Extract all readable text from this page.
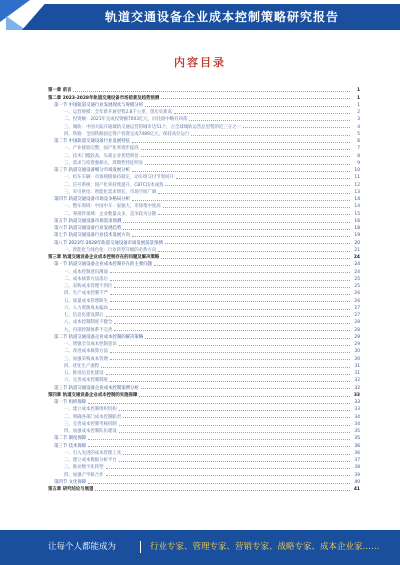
轨道交通设备企业成本控制策略研究报告
内容目录
第一章 前言	1
第二章 2023-2028年轨道交通设备市场前景及趋势预测	1
第一节 中国轨道交通行业发展现状与规模分析	1
一、运营规模：全年新开通里程2.8千公里，创历史新高	2
二、投资额：2021年完成投资额7003亿元，同比稳中略有回落	3
三、城轨：中国大陆开通城轨交通运营的城市达51个，占全球城轨运营总里程的近三分之一	4
四、铁路：全国铁路固定资产投资完成7489亿元，保持高位运行	5
第二节 中国轨道交通设备行业发展特征	6
一、产业链较完整，国产化率逐步提高	7
二、技术门槛较高，头部企业优势明显	8
三、需求与投资强相关，周期性特征明显	9
第三节 轨道交通设备细分市场发展分析	10
一、机车车辆：市场规模保持稳定，动车组交付节奏回升	11
二、信号系统：国产化率持续提升，CBTC技术成熟	12
三、牵引供电：智能化需求增长，市场空间广阔	13
第四节 轨道交通设备市场竞争格局分析	14
一、整车领域：中国中车一家独大，市场集中度高	14
二、零部件领域：企业数量众多，竞争较为分散	15
第五节 轨道交通设备市场需求预测	16
第六节 轨道交通设备行业发展趋势	18
第七节 轨道交通设备行业技术发展方向	19
第八节 2023年-2028年轨道交通设备市场发展前景预测	20
一、智能化与绿色化：行业转型升级的必然方向	21
第三章 轨道交通设备企业成本控制存在的问题及解决策略	24
第一节 轨道交通设备企业成本控制存在的主要问题	24
一、成本控制意识薄弱	24
二、成本核算方法落后	25
三、采购成本管理不到位	25
四、生产成本控制不严	26
五、质量成本管理缺失	26
六、人力资源成本偏高	27
七、信息化建设滞后	27
八、成本控制制度不健全	28
九、内部控制体系不完善	28
第二节 轨道交通设备企业成本控制的解决策略	29
一、增强全员成本控制意识	29
二、改进成本核算方法	30
三、加强采购成本管理	30
四、优化生产流程	31
五、推进信息化建设	31
六、完善成本控制制度	32
第三节 轨道交通设备企业成本控制案例分析	32
第四章 轨道交通设备企业成本控制的实施保障	33
第一节 组织保障	33
一、建立成本控制组织机构	33
二、明确各部门成本控制职责	34
三、完善成本控制考核机制	34
四、加强成本控制队伍建设	35
第二节 制度保障	35
第三节 技术保障	36
一、引入先进的成本管理工具	36
二、建立成本数据分析平台	37
三、推动数字化转型	38
四、加强产学研合作	39
第四节 文化保障	40
第五章 研究结论与展望	41
让每个人都能成为	行业专家、管理专家、营销专家、战略专家、成本企业家……
